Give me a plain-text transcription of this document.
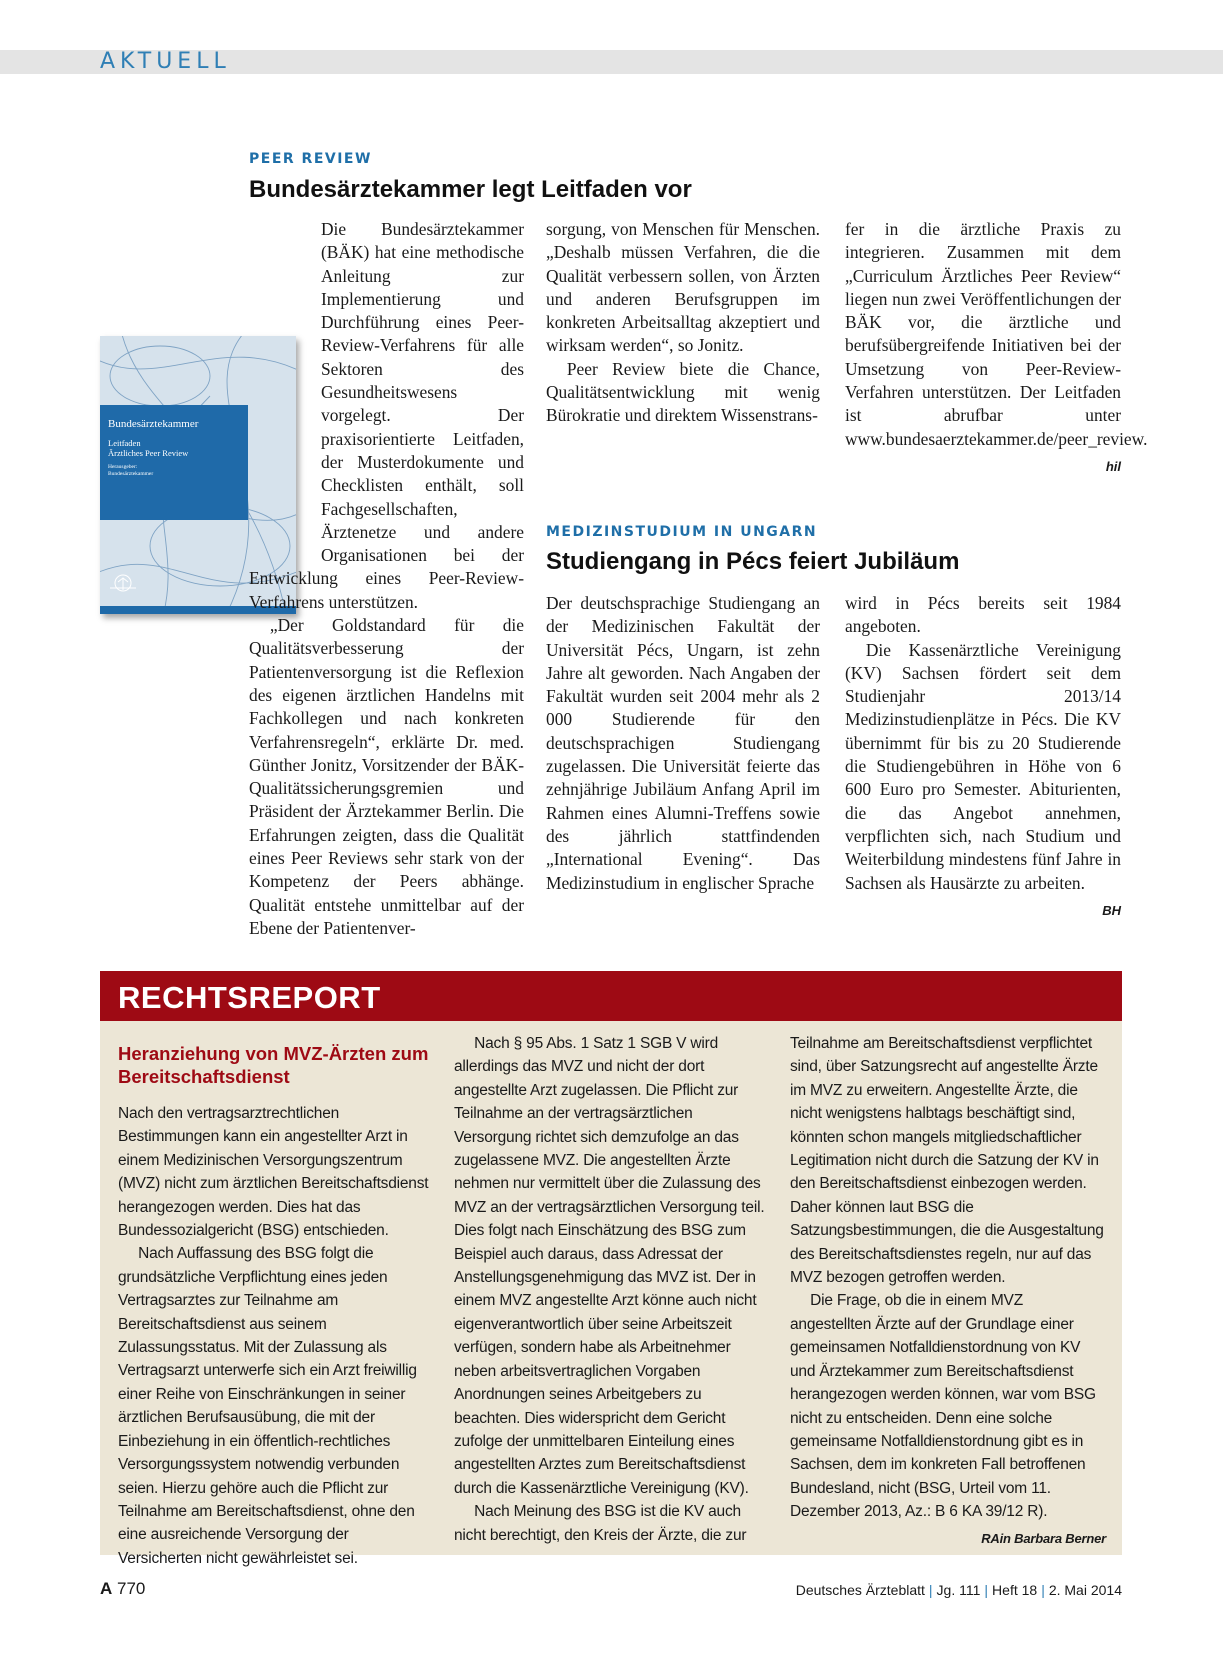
AKTUELL
PEER REVIEW
Bundesärztekammer legt Leitfaden vor
Bundesärztekammer
Leitfaden
Ärztliches Peer Review
Herausgeber:
Bundesärztekammer

Die Bundesärztekammer (BÄK) hat eine methodische Anleitung zur Implementierung und Durchführung eines Peer-Review-Verfahrens für alle Sektoren des Gesundheitswesens vorgelegt. Der praxisorientierte Leitfaden, der Musterdokumente und Checklisten enthält, soll Fachgesellschaften, Ärztenetze und andere Organisationen bei der Entwicklung eines Peer-Review-Verfahrens unterstützen.

„Der Goldstandard für die Qualitätsverbesserung der Patientenversorgung ist die Reflexion des eigenen ärztlichen Handelns mit Fachkollegen und nach konkreten Verfahrensregeln“, erklärte Dr. med. Günther Jonitz, Vorsitzender der BÄK-Qualitätssicherungsgremien und Präsident der Ärztekammer Berlin. Die Erfahrungen zeigten, dass die Qualität eines Peer Reviews sehr stark von der Kompetenz der Peers abhänge. Qualität entstehe unmittelbar auf der Ebene der Patientenver-

sorgung, von Menschen für Menschen. „Deshalb müssen Verfahren, die die Qualität verbessern sollen, von Ärzten und anderen Berufsgruppen im konkreten Arbeitsalltag akzeptiert und wirksam werden“, so Jonitz.

Peer Review biete die Chance, Qualitätsentwicklung mit wenig Bürokratie und direktem Wissenstrans-

fer in die ärztliche Praxis zu integrieren. Zusammen mit dem „Curriculum Ärztliches Peer Review“ liegen nun zwei Veröffentlichungen der BÄK vor, die ärztliche und berufsübergreifende Initiativen bei der Umsetzung von Peer-Review-Verfahren unterstützen. Der Leitfaden ist abrufbar unter www.bundesaerztekammer.de/peer_review.
hil

MEDIZINSTUDIUM IN UNGARN
Studiengang in Pécs feiert Jubiläum

Der deutschsprachige Studiengang an der Medizinischen Fakultät der Universität Pécs, Ungarn, ist zehn Jahre alt geworden. Nach Angaben der Fakultät wurden seit 2004 mehr als 2 000 Studierende für den deutschsprachigen Studiengang zugelassen. Die Universität feierte das zehnjährige Jubiläum Anfang April im Rahmen eines Alumni-Treffens sowie des jährlich stattfindenden „International Evening“. Das Medizinstudium in englischer Sprache

wird in Pécs bereits seit 1984 angeboten.

Die Kassenärztliche Vereinigung (KV) Sachsen fördert seit dem Studienjahr 2013/14 Medizinstudienplätze in Pécs. Die KV übernimmt für bis zu 20 Studierende die Studiengebühren in Höhe von 6 600 Euro pro Semester. Abiturienten, die das Angebot annehmen, verpflichten sich, nach Studium und Weiterbildung mindestens fünf Jahre in Sachsen als Hausärzte zu arbeiten.
BH

RECHTSREPORT
Heranziehung von MVZ-Ärzten zum Bereitschaftsdienst

Nach den vertragsarztrechtlichen Bestimmungen kann ein angestellter Arzt in einem Medizinischen Versorgungszentrum (MVZ) nicht zum ärztlichen Bereitschaftsdienst herangezogen werden. Dies hat das Bundessozialgericht (BSG) entschieden.

Nach Auffassung des BSG folgt die grundsätzliche Verpflichtung eines jeden Vertragsarztes zur Teilnahme am Bereitschaftsdienst aus seinem Zulassungsstatus. Mit der Zulassung als Vertragsarzt unterwerfe sich ein Arzt freiwillig einer Reihe von Einschränkungen in seiner ärztlichen Berufsausübung, die mit der Einbeziehung in ein öffentlich-rechtliches Versorgungssystem notwendig verbunden seien. Hierzu gehöre auch die Pflicht zur Teilnahme am Bereitschaftsdienst, ohne den eine ausreichende Versorgung der Versicherten nicht gewährleistet sei.

Nach § 95 Abs. 1 Satz 1 SGB V wird allerdings das MVZ und nicht der dort angestellte Arzt zugelassen. Die Pflicht zur Teilnahme an der vertragsärztlichen Versorgung richtet sich demzufolge an das zugelassene MVZ. Die angestellten Ärzte nehmen nur vermittelt über die Zulassung des MVZ an der vertragsärztlichen Versorgung teil. Dies folgt nach Einschätzung des BSG zum Beispiel auch daraus, dass Adressat der Anstellungsgenehmigung das MVZ ist. Der in einem MVZ angestellte Arzt könne auch nicht eigenverantwortlich über seine Arbeitszeit verfügen, sondern habe als Arbeitnehmer neben arbeitsvertraglichen Vorgaben Anordnungen seines Arbeitgebers zu beachten. Dies widerspricht dem Gericht zufolge der unmittelbaren Einteilung eines angestellten Arztes zum Bereitschaftsdienst durch die Kassenärztliche Vereinigung (KV).

Nach Meinung des BSG ist die KV auch nicht berechtigt, den Kreis der Ärzte, die zur

Teilnahme am Bereitschaftsdienst verpflichtet sind, über Satzungsrecht auf angestellte Ärzte im MVZ zu erweitern. Angestellte Ärzte, die nicht wenigstens halbtags beschäftigt sind, könnten schon mangels mitgliedschaftlicher Legitimation nicht durch die Satzung der KV in den Bereitschaftsdienst einbezogen werden. Daher können laut BSG die Satzungsbestimmungen, die die Ausgestaltung des Bereitschaftsdienstes regeln, nur auf das MVZ bezogen getroffen werden.

Die Frage, ob die in einem MVZ angestellten Ärzte auf der Grundlage einer gemeinsamen Notfalldienstordnung von KV und Ärztekammer zum Bereitschaftsdienst herangezogen werden können, war vom BSG nicht zu entscheiden. Denn eine solche gemeinsame Notfalldienstordnung gibt es in Sachsen, dem im konkreten Fall betroffenen Bundesland, nicht (BSG, Urteil vom 11. Dezember 2013, Az.: B 6 KA 39/12 R).
RAin Barbara Berner

A 770	Deutsches Ärzteblatt | Jg. 111 | Heft 18 | 2. Mai 2014
